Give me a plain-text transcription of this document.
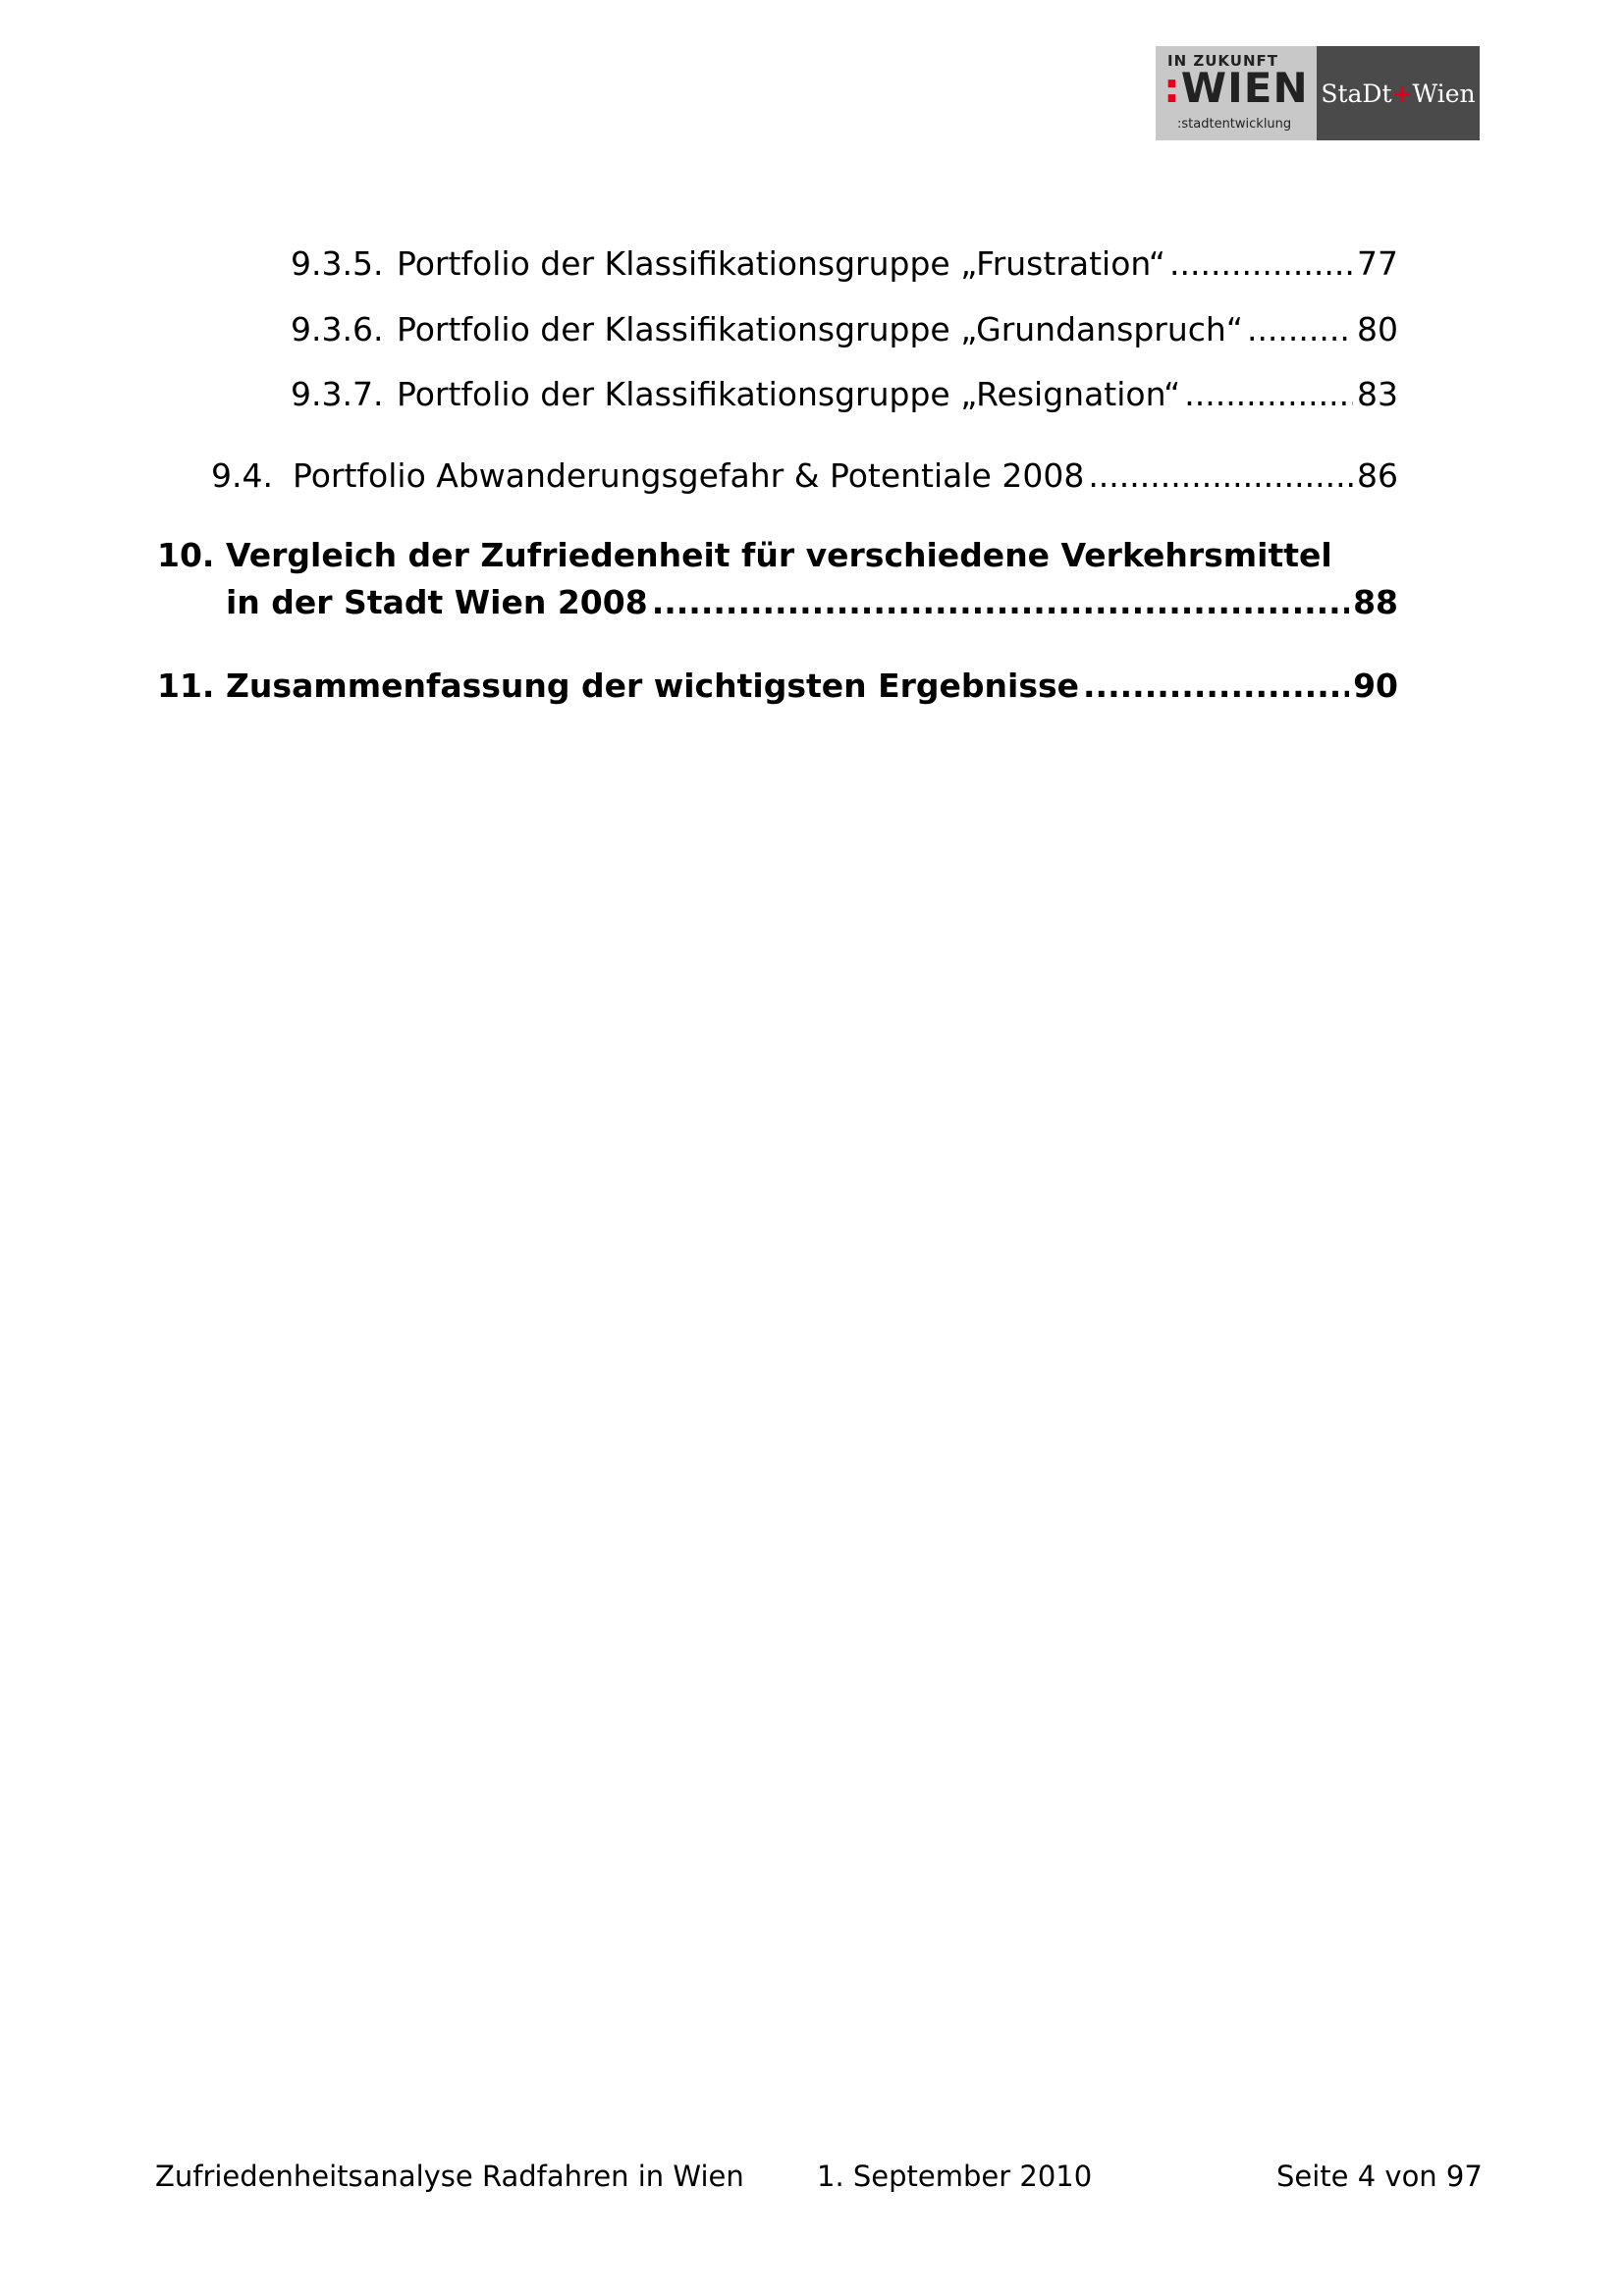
IN ZUKUNFT
:WIEN
:stadtentwicklung
StaDt+Wien
9.3.5. Portfolio der Klassifikationsgruppe „Frustration“ .....	77
9.3.6. Portfolio der Klassifikationsgruppe „Grundanspruch“ .....	80
9.3.7. Portfolio der Klassifikationsgruppe „Resignation“ .....	83
9.4. Portfolio Abwanderungsgefahr & Potentiale 2008 .....	86
10. Vergleich der Zufriedenheit für verschiedene Verkehrsmittel
in der Stadt Wien 2008 .....	88
11. Zusammenfassung der wichtigsten Ergebnisse .....	90
Zufriedenheitsanalyse Radfahren in Wien	1. September 2010	Seite 4 von 97
